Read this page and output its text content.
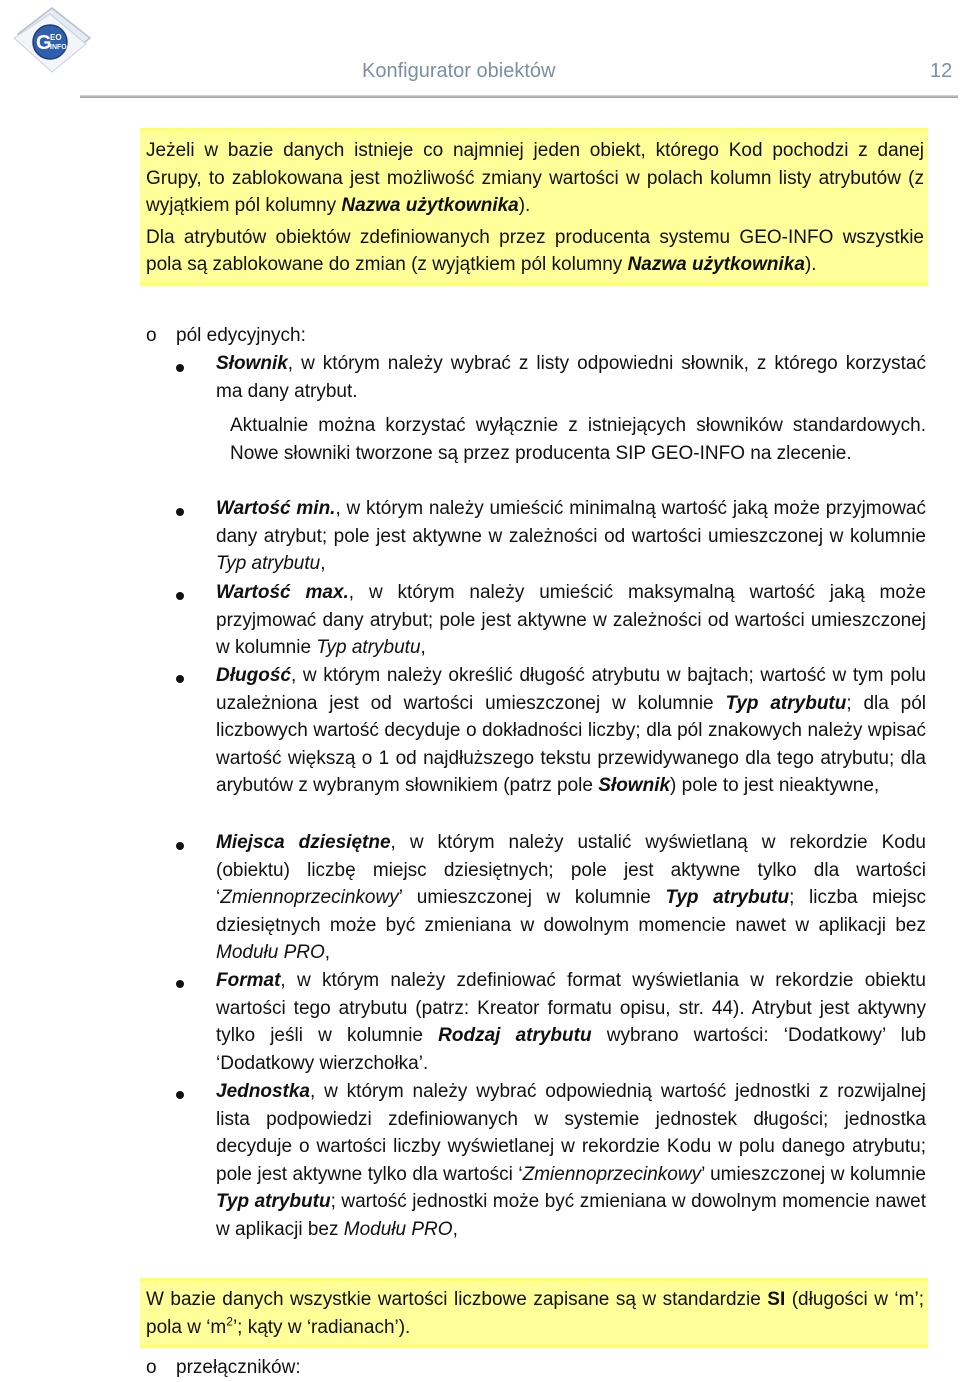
G
EO
INFO
Konfigurator obiektów	12

Jeżeli w bazie danych istnieje co najmniej jeden obiekt, którego Kod pochodzi z danej Grupy, to zablokowana jest możliwość zmiany wartości w polach kolumn listy atrybutów (z wyjątkiem pól kolumny Nazwa użytkownika).

Dla atrybutów obiektów zdefiniowanych przez producenta systemu GEO-INFO wszystkie pola są zablokowane do zmian (z wyjątkiem pól kolumny Nazwa użytkownika).

o pól edycyjnych:
Słownik, w którym należy wybrać z listy odpowiedni słownik, z którego korzystać ma dany atrybut.
Aktualnie można korzystać wyłącznie z istniejących słowników standardowych. Nowe słowniki tworzone są przez producenta SIP GEO-INFO na zlecenie.
Wartość min., w którym należy umieścić minimalną wartość jaką może przyjmować dany atrybut; pole jest aktywne w zależności od wartości umieszczonej w kolumnie Typ atrybutu,
Wartość max., w którym należy umieścić maksymalną wartość jaką może przyjmować dany atrybut; pole jest aktywne w zależności od wartości umieszczonej w kolumnie Typ atrybutu,
Długość, w którym należy określić długość atrybutu w bajtach; wartość w tym polu uzależniona jest od wartości umieszczonej w kolumnie Typ atrybutu; dla pól liczbowych wartość decyduje o dokładności liczby; dla pól znakowych należy wpisać wartość większą o 1 od najdłuższego tekstu przewidywanego dla tego atrybutu; dla arybutów z wybranym słownikiem (patrz pole Słownik) pole to jest nieaktywne,
Miejsca dziesiętne, w którym należy ustalić wyświetlaną w rekordzie Kodu (obiektu) liczbę miejsc dziesiętnych; pole jest aktywne tylko dla wartości ‘Zmiennoprzecinkowy’ umieszczonej w kolumnie Typ atrybutu; liczba miejsc dziesiętnych może być zmieniana w dowolnym momencie nawet w aplikacji bez Modułu PRO,
Format, w którym należy zdefiniować format wyświetlania w rekordzie obiektu wartości tego atrybutu (patrz: Kreator formatu opisu, str. 44). Atrybut jest aktywny tylko jeśli w kolumnie Rodzaj atrybutu wybrano wartości: ‘Dodatkowy’ lub ‘Dodatkowy wierzchołka’.
Jednostka, w którym należy wybrać odpowiednią wartość jednostki z rozwijalnej lista podpowiedzi zdefiniowanych w systemie jednostek długości; jednostka decyduje o wartości liczby wyświetlanej w rekordzie Kodu w polu danego atrybutu; pole jest aktywne tylko dla wartości ‘Zmiennoprzecinkowy’ umieszczonej w kolumnie Typ atrybutu; wartość jednostki może być zmieniana w dowolnym momencie nawet w aplikacji bez Modułu PRO,

W bazie danych wszystkie wartości liczbowe zapisane są w standardzie SI (długości w ‘m’; pola w ‘$m^2$’; kąty w ‘radianach’).

o przełączników:
